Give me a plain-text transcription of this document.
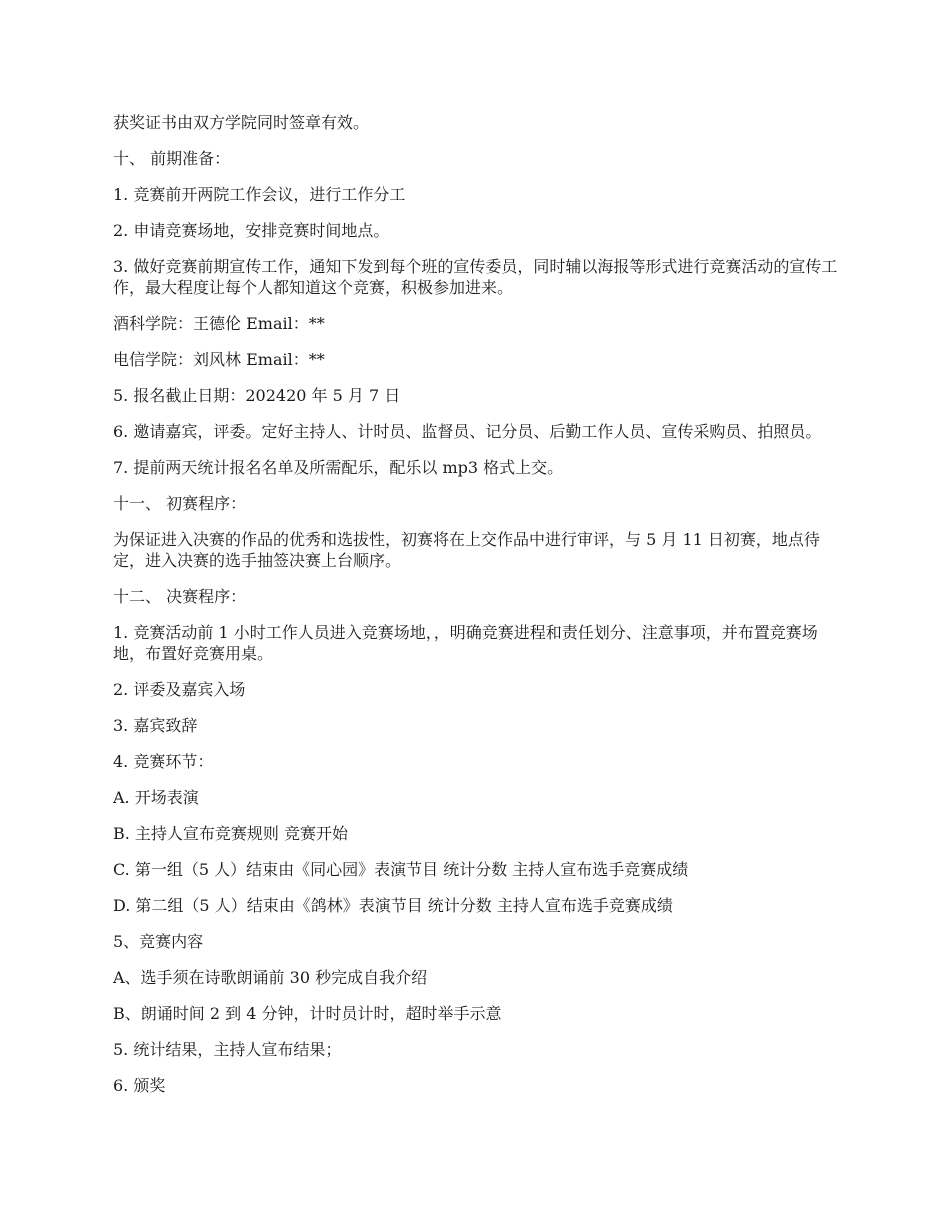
获奖证书由双方学院同时签章有效。

十、 前期准备：

1. 竞赛前开两院工作会议，进行工作分工

2. 申请竞赛场地，安排竞赛时间地点。

3. 做好竞赛前期宣传工作，通知下发到每个班的宣传委员，同时辅以海报等形式进行竞赛活动的宣传工作，最大程度让每个人都知道这个竞赛，积极参加进来。

酒科学院：王德伦 Email：**

电信学院：刘风林 Email：**

5. 报名截止日期：202420 年 5 月 7 日

6. 邀请嘉宾，评委。定好主持人、计时员、监督员、记分员、后勤工作人员、宣传采购员、拍照员。

7. 提前两天统计报名名单及所需配乐，配乐以 mp3 格式上交。

十一、 初赛程序：

为保证进入决赛的作品的优秀和选拔性，初赛将在上交作品中进行审评，与 5 月 11 日初赛，地点待定，进入决赛的选手抽签决赛上台顺序。

十二、 决赛程序：

1. 竞赛活动前 1 小时工作人员进入竞赛场地，，明确竞赛进程和责任划分、注意事项，并布置竞赛场地，布置好竞赛用桌。

2. 评委及嘉宾入场

3. 嘉宾致辞

4. 竞赛环节：

A. 开场表演

B. 主持人宣布竞赛规则 竞赛开始

C. 第一组（5 人）结束由《同心园》表演节目 统计分数 主持人宣布选手竞赛成绩

D. 第二组（5 人）结束由《鸽林》表演节目 统计分数 主持人宣布选手竞赛成绩

5、竞赛内容

A、选手须在诗歌朗诵前 30 秒完成自我介绍

B、朗诵时间 2 到 4 分钟，计时员计时，超时举手示意

5. 统计结果，主持人宣布结果；

6. 颁奖
